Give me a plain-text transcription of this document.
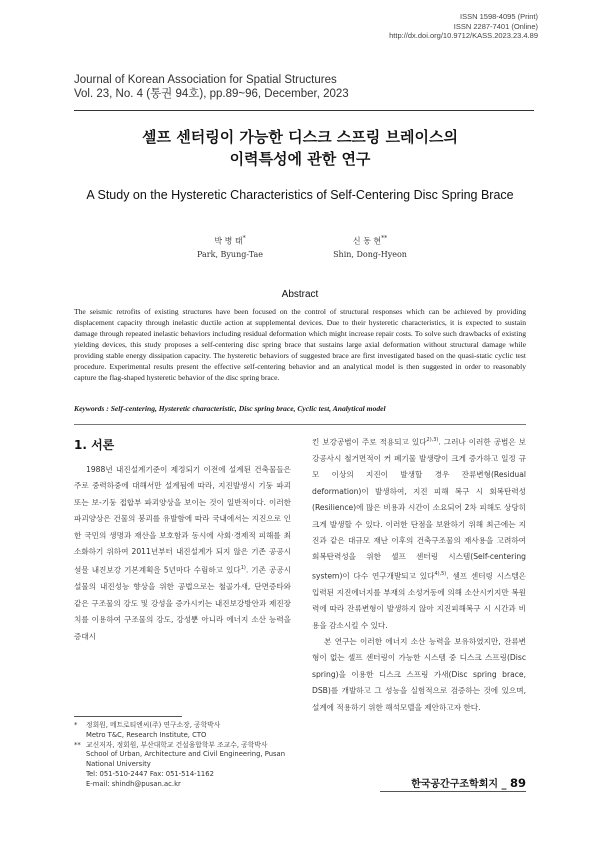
ISSN 1598-4095 (Print)
ISSN 2287-7401 (Online)
http://dx.doi.org/10.9712/KASS.2023.23.4.89
Journal of Korean Association for Spatial Structures
Vol. 23, No. 4 (통권 94호), pp.89~96, December, 2023
셀프 센터링이 가능한 디스크 스프링 브레이스의
이력특성에 관한 연구
A Study on the Hysteretic Characteristics of Self-Centering Disc Spring Brace
박 병 태*
Park, Byung-Tae
신 동 현**
Shin, Dong-Hyeon
Abstract
The seismic retrofits of existing structures have been focused on the control of structural responses which can be achieved by providing displacement capacity through inelastic ductile action at supplemental devices. Due to their hysteretic characteristics, it is expected to sustain damage through repeated inelastic behaviors including residual deformation which might increase repair costs. To solve such drawbacks of existing yielding devices, this study proposes a self-centering disc spring brace that sustains large axial deformation without structural damage while providing stable energy dissipation capacity. The hysteretic behaviors of suggested brace are first investigated based on the quasi-static cyclic test procedure. Experimental results present the effective self-centering behavior and an analytical model is then suggested in order to reasonably capture the flag-shaped hysteretic behavior of the disc spring brace.
Keywords : Self-centering, Hysteretic characteristic, Disc spring brace, Cyclic test, Analytical model
1. 서론

1988년 내진설계기준이 제정되기 이전에 설계된 건축물들은 주로 중력하중에 대해서만 설계됨에 따라, 지진발생시 기둥 파괴 또는 보-기둥 접합부 파괴양상을 보이는 것이 일반적이다. 이러한 파괴양상은 건물의 붕괴를 유발함에 따라 국내에서는 지진으로 인한 국민의 생명과 재산을 보호함과 동시에 사회·경제적 피해를 최소화하기 위하여 2011년부터 내진설계가 되지 않은 기존 공공시설물 내진보강 기본계획을 5년마다 수립하고 있다$^{1)}$. 기존 공공시설물의 내진성능 향상을 위한 공법으로는 철골가새, 단면증타와 같은 구조물의 강도 및 강성을 증가시키는 내진보강방안과 제진장치를 이용하여 구조물의 강도, 강성뿐 아니라 에너지 소산 능력을 증대시

킨 보강공법이 주로 적용되고 있다$^{2),3)}$. 그러나 이러한 공법은 보강공사시 철거면적이 커 폐기물 발생량이 크게 증가하고 일정 규모 이상의 지진이 발생할 경우 잔류변형(Residual deformation)이 발생하여, 지진 피해 복구 시 회복탄력성(Resilience)에 많은 비용과 시간이 소요되어 2차 피해도 상당히 크게 발생할 수 있다. 이러한 단점을 보완하기 위해 최근에는 지진과 같은 대규모 재난 이후의 건축구조물의 재사용을 고려하여 회복탄력성을 위한 셀프 센터링 시스템(Self-centering system)이 다수 연구개발되고 있다$^{4),5)}$. 셀프 센터링 시스템은 입력된 지진에너지를 부재의 소성거동에 의해 소산시키지만 복원력에 따라 잔류변형이 발생하지 않아 지진피해복구 시 시간과 비용을 감소시킬 수 있다.

본 연구는 이러한 에너지 소산 능력을 보유하였지만, 잔류변형이 없는 셀프 센터링이 가능한 시스템 중 디스크 스프링(Disc spring)을 이용한 디스크 스프링 가새(Disc spring brace, DSB)를 개발하고 그 성능을 실험적으로 검증하는 것에 있으며, 설계에 적용하기 위한 해석모델을 제안하고자 한다.

*	정회원, 메트로티엔씨(주) 연구소장, 공학박사
Metro T&C, Research Institute, CTO
** 교신저자, 정회원, 부산대학교 건설융합학부 조교수, 공학박사
School of Urban, Architecture and Civil Engineering, Pusan National University
Tel: 051-510-2447 Fax: 051-514-1162
E-mail: shindh@pusan.ac.kr	한국공간구조학회지 _ 89
